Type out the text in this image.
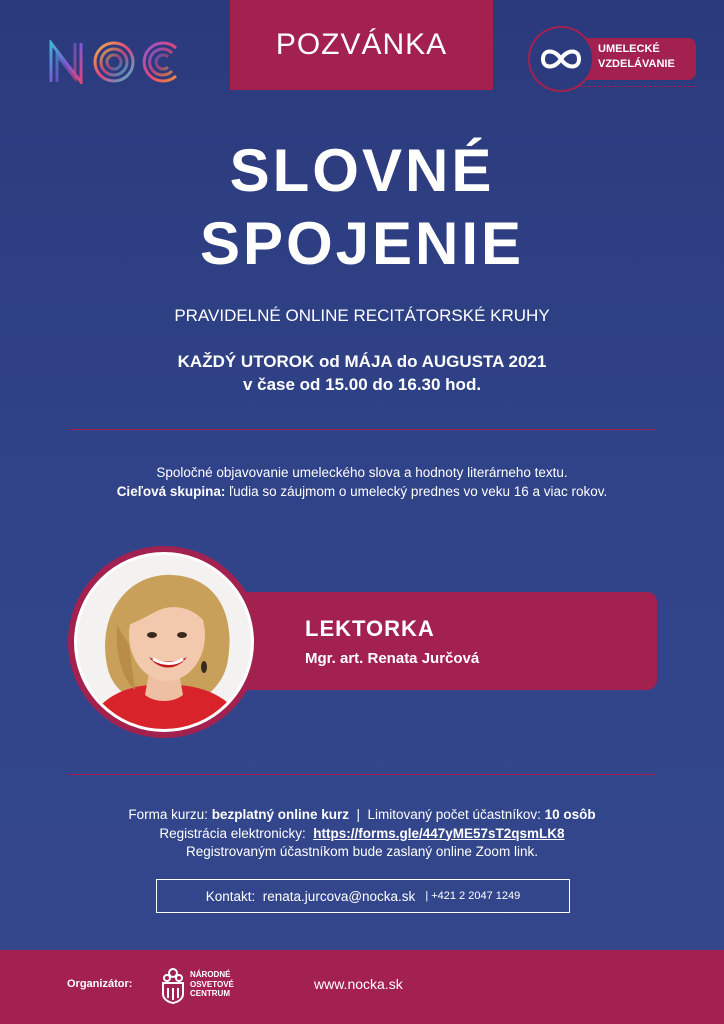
POZVÁNKA	UMELECKÉ
VZDELÁVANIE
SLOVNÉ
SPOJENIE
PRAVIDELNÉ ONLINE RECITÁTORSKÉ KRUHY
KAŽDÝ UTOROK od MÁJA do AUGUSTA 2021
v čase od 15.00 do 16.30 hod.
Spoločné objavovanie umeleckého slova a hodnoty literárneho textu.
Cieľová skupina: ľudia so záujmom o umelecký prednes vo veku 16 a viac rokov.
LEKTORKA
Mgr. art. Renata Jurčová
Forma kurzu: bezplatný online kurz  |  Limitovaný počet účastníkov: 10 osôb
Registrácia elektronicky:  https://forms.gle/447yME57sT2qsmLK8
Registrovaným účastníkom bude zaslaný online Zoom link.
Kontakt:  renata.jurcova@nocka.sk | +421 2 2047 1249
Organizátor:
NÁRODNÉ
OSVETOVÉ
CENTRUM
www.nocka.sk
